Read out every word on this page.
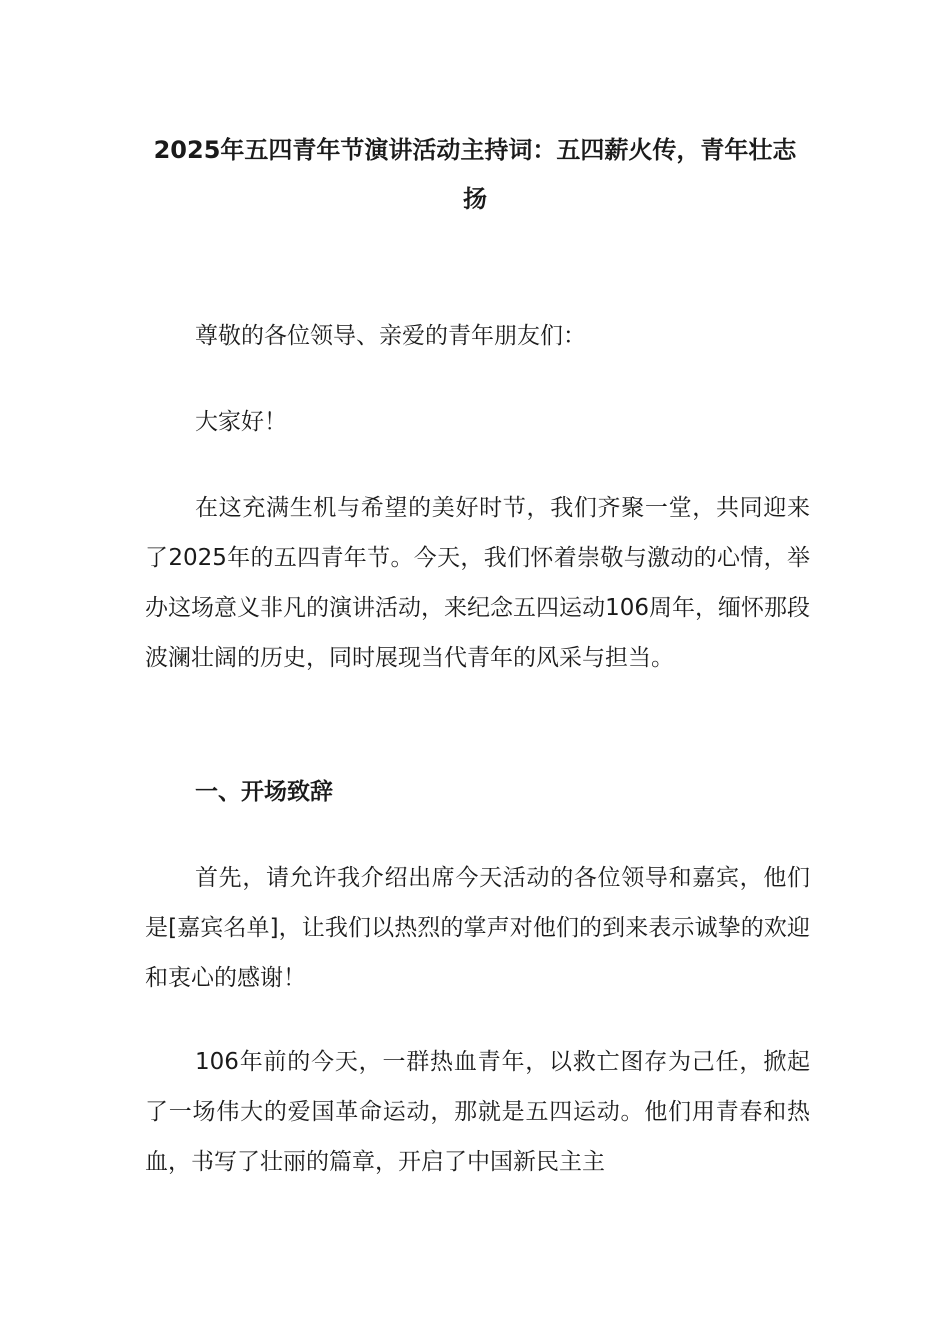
2025年五四青年节演讲活动主持词：五四薪火传，青年壮志扬

尊敬的各位领导、亲爱的青年朋友们：

大家好！

在这充满生机与希望的美好时节，我们齐聚一堂，共同迎来了2025年的五四青年节。今天，我们怀着崇敬与激动的心情，举办这场意义非凡的演讲活动，来纪念五四运动106周年，缅怀那段波澜壮阔的历史，同时展现当代青年的风采与担当。

一、开场致辞

首先，请允许我介绍出席今天活动的各位领导和嘉宾，他们是[嘉宾名单]，让我们以热烈的掌声对他们的到来表示诚挚的欢迎和衷心的感谢！

106年前的今天，一群热血青年，以救亡图存为己任，掀起了一场伟大的爱国革命运动，那就是五四运动。他们用青春和热血，书写了壮丽的篇章，开启了中国新民主主
